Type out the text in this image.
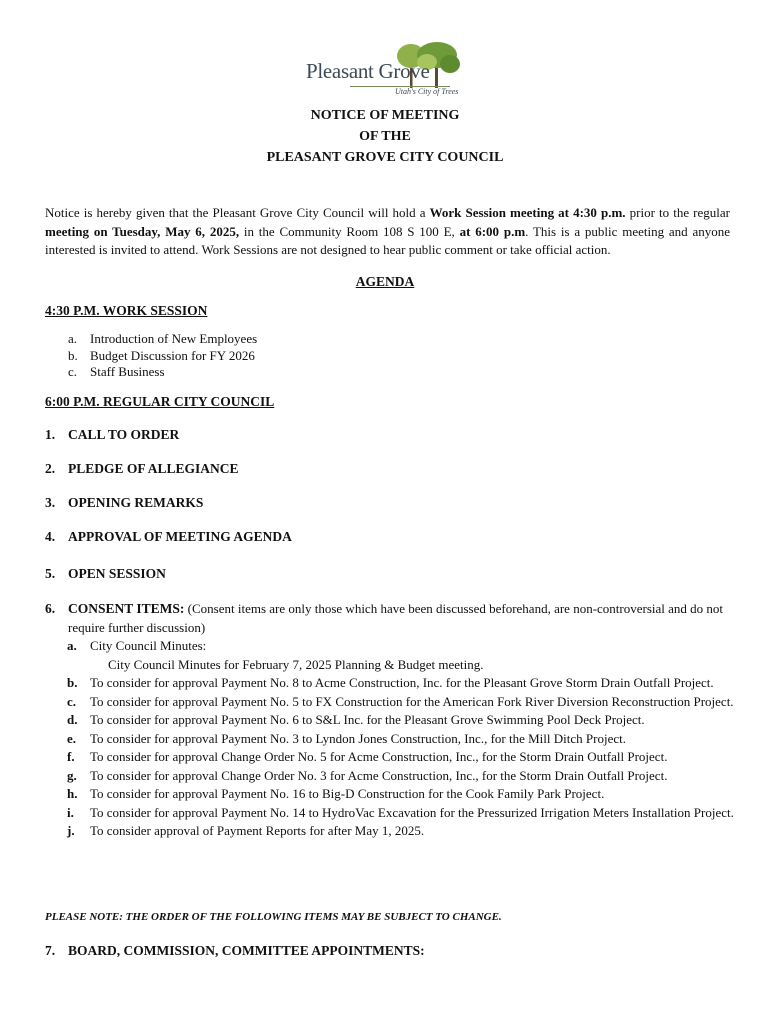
Pleasant Grove
Utah's City of Trees
NOTICE OF MEETING
OF THE
PLEASANT GROVE CITY COUNCIL
Notice is hereby given that the Pleasant Grove City Council will hold a Work Session meeting at 4:30 p.m. prior to the regular meeting on Tuesday, May 6, 2025, in the Community Room 108 S 100 E, at 6:00 p.m. This is a public meeting and anyone interested is invited to attend. Work Sessions are not designed to hear public comment or take official action.
AGENDA
4:30 P.M. WORK SESSION
a. Introduction of New Employees
b. Budget Discussion for FY 2026
c. Staff Business
6:00 P.M. REGULAR CITY COUNCIL
1. CALL TO ORDER
2. PLEDGE OF ALLEGIANCE
3. OPENING REMARKS
4. APPROVAL OF MEETING AGENDA
5. OPEN SESSION
6. CONSENT ITEMS: (Consent items are only those which have been discussed beforehand, are non-controversial and do not require further discussion)
a.	City Council Minutes:
City Council Minutes for February 7, 2025 Planning & Budget meeting.
b. To consider for approval Payment No. 8 to Acme Construction, Inc. for the Pleasant Grove Storm Drain Outfall Project.
c.	To consider for approval Payment No. 5 to FX Construction for the American Fork River Diversion Reconstruction Project.
d. To consider for approval Payment No. 6 to S&L Inc. for the Pleasant Grove Swimming Pool Deck Project.
e.	To consider for approval Payment No. 3 to Lyndon Jones Construction, Inc., for the Mill Ditch Project.
f.	To consider for approval Change Order No. 5 for Acme Construction, Inc., for the Storm Drain Outfall Project.
g.	To consider for approval Change Order No. 3 for Acme Construction, Inc., for the Storm Drain Outfall Project.
h. To consider for approval Payment No. 16 to Big-D Construction for the Cook Family Park Project.
i.	To consider for approval Payment No. 14 to HydroVac Excavation for the Pressurized Irrigation Meters Installation Project.
j.	To consider approval of Payment Reports for after May 1, 2025.
PLEASE NOTE: THE ORDER OF THE FOLLOWING ITEMS MAY BE SUBJECT TO CHANGE.
7. BOARD, COMMISSION, COMMITTEE APPOINTMENTS:
